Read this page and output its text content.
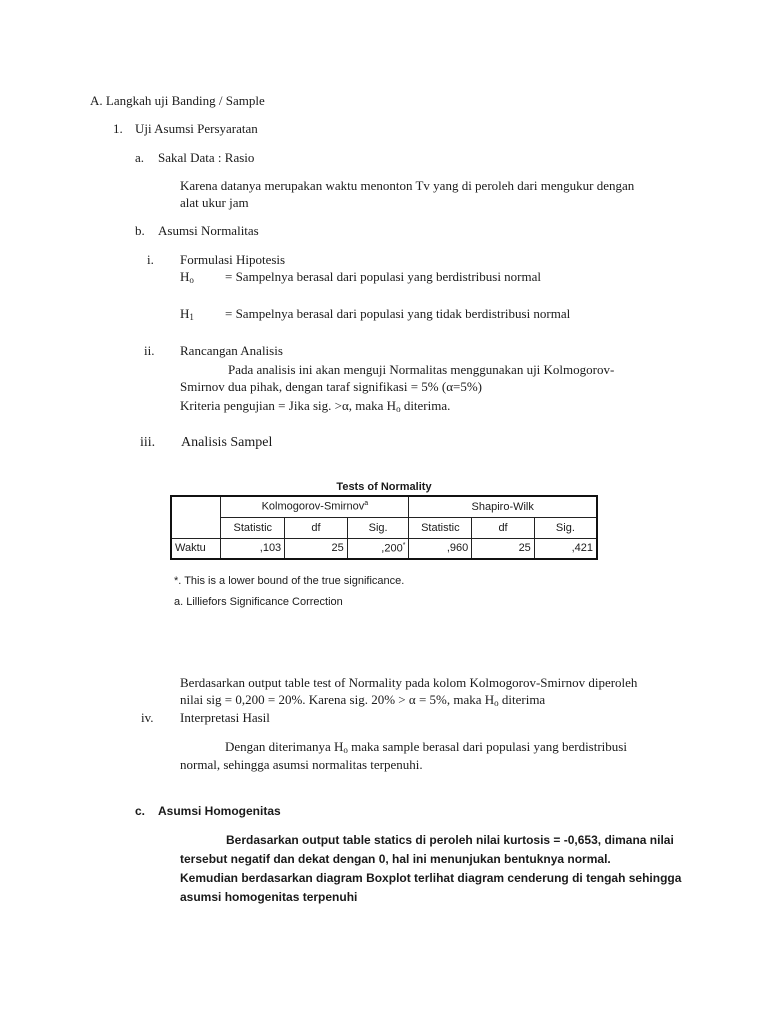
A. Langkah uji Banding / Sample
1. Uji Asumsi Persyaratan
a. Sakal Data : Rasio
Karena datanya merupakan waktu menonton Tv yang di peroleh dari mengukur dengan
alat ukur jam
b. Asumsi Normalitas
i. Formulasi Hipotesis
$H_o$ = Sampelnya berasal dari populasi yang berdistribusi normal
$H_1$ = Sampelnya berasal dari populasi yang tidak berdistribusi normal
ii. Rancangan Analisis
Pada analisis ini akan menguji Normalitas menggunakan uji Kolmogorov-
Smirnov dua pihak, dengan taraf signifikasi = 5% (α=5%)
Kriteria pengujian = Jika sig. >α, maka $H_o$ diterima.
iii. Analisis Sampel
Tests of Normality
	Kolmogorov-Smirnov$^a$			Shapiro-Wilk		
	Statistic	df	Sig.	Statistic	df	Sig.
Waktu	,103	25	,200*	,960	25	,421
*. This is a lower bound of the true significance.
a. Lilliefors Significance Correction
Berdasarkan output table test of Normality pada kolom Kolmogorov-Smirnov diperoleh
nilai sig = 0,200 = 20%. Karena sig. 20% > α = 5%, maka $H_o$ diterima
iv. Interpretasi Hasil
Dengan diterimanya $H_o$ maka sample berasal dari populasi yang berdistribusi
normal, sehingga asumsi normalitas terpenuhi.
c. Asumsi Homogenitas
Berdasarkan output table statics di peroleh nilai kurtosis = -0,653, dimana nilai
tersebut negatif dan dekat dengan 0, hal ini menunjukan bentuknya normal.
Kemudian berdasarkan diagram Boxplot terlihat diagram cenderung di tengah sehingga
asumsi homogenitas terpenuhi
